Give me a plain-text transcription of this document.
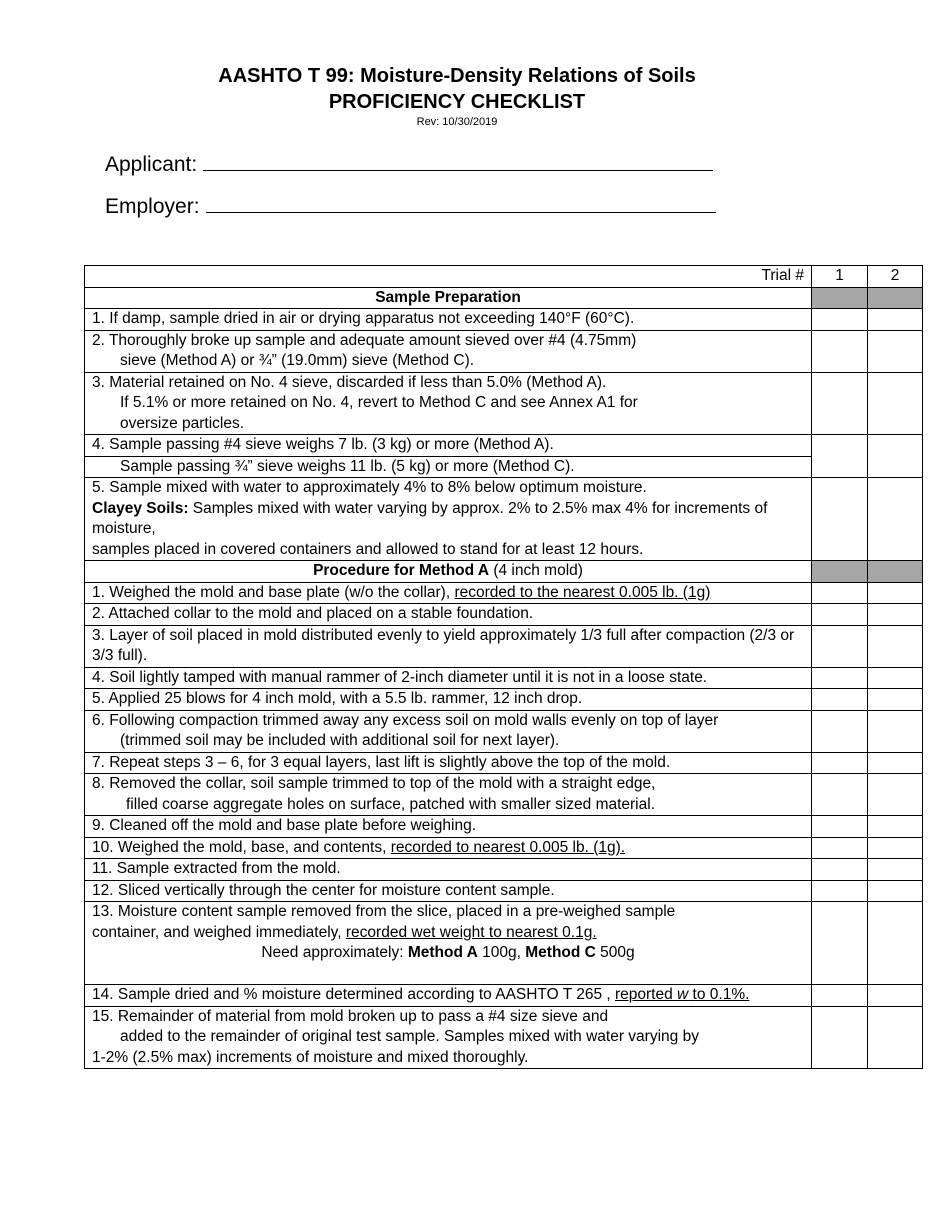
AASHTO T 99: Moisture-Density Relations of Soils
PROFICIENCY CHECKLIST
Rev: 10/30/2019
Applicant:
Employer:
Trial #	1	2
Sample Preparation		
1. If damp, sample dried in air or drying apparatus not exceeding 140°F (60°C).		
2. Thoroughly broke up sample and adequate amount sieved over #4 (4.75mm)
sieve (Method A) or ¾” (19.0mm) sieve (Method C).		

3. Material retained on No. 4 sieve, discarded if less than 5.0% (Method A).
If 5.1% or more retained on No. 4, revert to Method C and see Annex A1 for
oversize particles.		

4. Sample passing #4 sieve weighs 7 lb. (3 kg) or more (Method A).		

Sample passing ¾” sieve weighs 11 lb. (5 kg) or more (Method C).		

5. Sample mixed with water to approximately 4% to 8% below optimum moisture.
Clayey Soils: Samples mixed with water varying by approx. 2% to 2.5% max 4% for increments of moisture,
samples placed in covered containers and allowed to stand for at least 12 hours.		
Procedure for Method A (4 inch mold)		
1. Weighed the mold and base plate (w/o the collar), recorded to the nearest 0.005 lb. (1g)		
2. Attached collar to the mold and placed on a stable foundation.		
3. Layer of soil placed in mold distributed evenly to yield approximately 1/3 full after compaction (2/3 or 3/3 full).		
4. Soil lightly tamped with manual rammer of 2-inch diameter until it is not in a loose state.		
5. Applied 25 blows for 4 inch mold, with a 5.5 lb. rammer, 12 inch drop.		
6. Following compaction trimmed away any excess soil on mold walls evenly on top of layer
(trimmed soil may be included with additional soil for next layer).		

7. Repeat steps 3 – 6, for 3 equal layers, last lift is slightly above the top of the mold.		
8. Removed the collar, soil sample trimmed to top of the mold with a straight edge,
filled coarse aggregate holes on surface, patched with smaller sized material.		

9. Cleaned off the mold and base plate before weighing.		
10. Weighed the mold, base, and contents, recorded to nearest 0.005 lb. (1g).		
11. Sample extracted from the mold.		
12. Sliced vertically through the center for moisture content sample.		
13. Moisture content sample removed from the slice, placed in a pre-weighed sample
container, and weighed immediately, recorded wet weight to nearest 0.1g.
Need approximately: Method A 100g, Method C 500g		

14. Sample dried and % moisture determined according to AASHTO T 265 , reported w to 0.1%.		
15. Remainder of material from mold broken up to pass a #4 size sieve and
added to the remainder of original test sample. Samples mixed with water varying by
1-2% (2.5% max) increments of moisture and mixed thoroughly.		
